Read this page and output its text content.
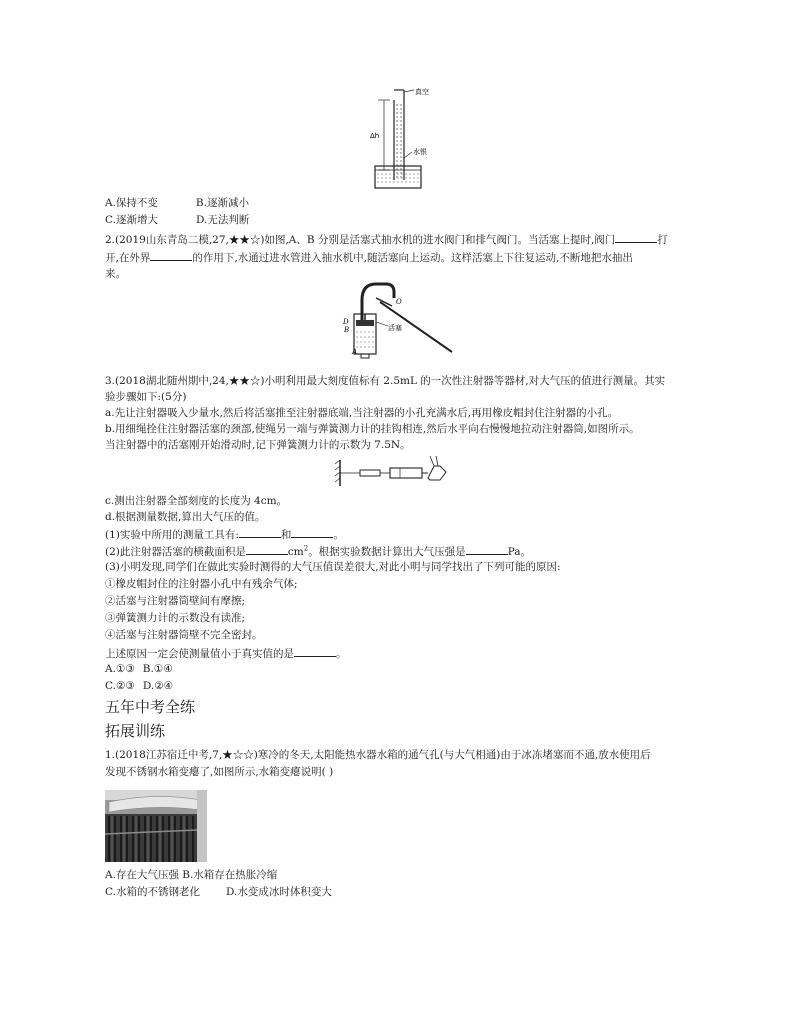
真空
Δh
水银
A.保持不变	B.逐渐减小
C.逐渐增大	D.无法判断
2.(2019山东青岛二模,27,★★☆)如图,A、B 分别是活塞式抽水机的进水阀门和排气阀门。当活塞上提时,阀门	打
开,在外界	的作用下,水通过进水管进入抽水机中,随活塞向上运动。这样活塞上下往复运动,不断地把水抽出
来。
O
D
B
A
活塞
3.(2018湖北随州期中,24,★★☆)小明利用最大刻度值标有 2.5mL 的一次性注射器等器材,对大气压的值进行测量。其实
验步骤如下:(5分)
a.先让注射器吸入少量水,然后将活塞推至注射器底端,当注射器的小孔充满水后,再用橡皮帽封住注射器的小孔。
b.用细绳拴住注射器活塞的颈部,使绳另一端与弹簧测力计的挂钩相连,然后水平向右慢慢地拉动注射器筒,如图所示。
当注射器中的活塞刚开始滑动时,记下弹簧测力计的示数为 7.5N。
c.测出注射器全部刻度的长度为 4cm。
d.根据测量数据,算出大气压的值。
(1)实验中所用的测量工具有:	和	。
(2)此注射器活塞的横截面积是	$cm^2$。根据实验数据计算出大气压强是	Pa。
(3)小明发现,同学们在做此实验时测得的大气压值误差很大,对此小明与同学找出了下列可能的原因:
①橡皮帽封住的注射器小孔中有残余气体;
②活塞与注射器筒壁间有摩擦;
③弹簧测力计的示数没有读准;
④活塞与注射器筒壁不完全密封。
上述原因一定会使测量值小于真实值的是	。
A.①③ B.①④
C.②③ D.②④
五年中考全练
拓展训练
1.(2018江苏宿迁中考,7,★☆☆)寒冷的冬天,太阳能热水器水箱的通气孔(与大气相通)由于冰冻堵塞而不通,放水使用后
发现不锈钢水箱变瘪了,如图所示,水箱变瘪说明( )
A.存在大气压强 B.水箱存在热胀冷缩
C.水箱的不锈钢老化 D.水变成冰时体积变大
